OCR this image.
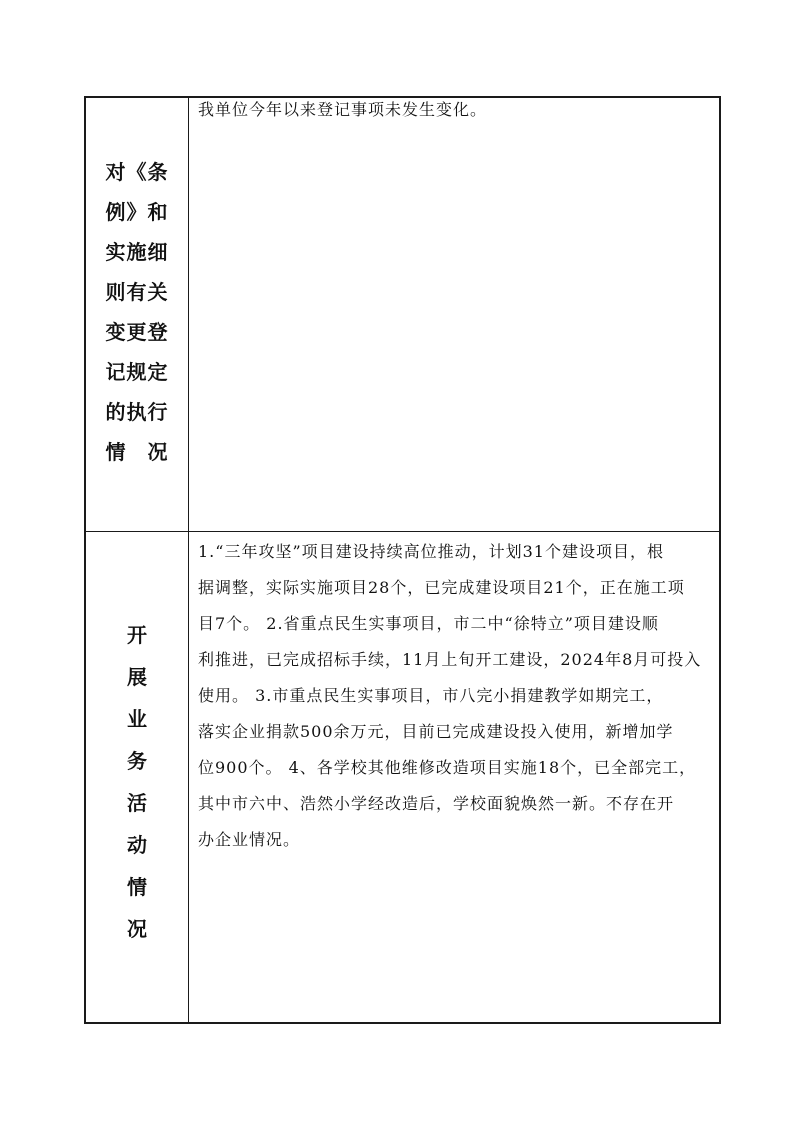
对《条
例》和
实施细
则有关
变更登
记规定
的执行
情　况
我单位今年以来登记事项未发生变化。
开
展
业
务
活
动
情
况
1.“三年攻坚”项目建设持续高位推动，计划31个建设项目，根
据调整，实际实施项目28个，已完成建设项目21个，正在施工项
目7个。 2.省重点民生实事项目，市二中“徐特立”项目建设顺
利推进，已完成招标手续，11月上旬开工建设，2024年8月可投入
使用。 3.市重点民生实事项目，市八完小捐建教学如期完工，
落实企业捐款500余万元，目前已完成建设投入使用，新增加学
位900个。 4、各学校其他维修改造项目实施18个，已全部完工，
其中市六中、浩然小学经改造后，学校面貌焕然一新。不存在开
办企业情况。
